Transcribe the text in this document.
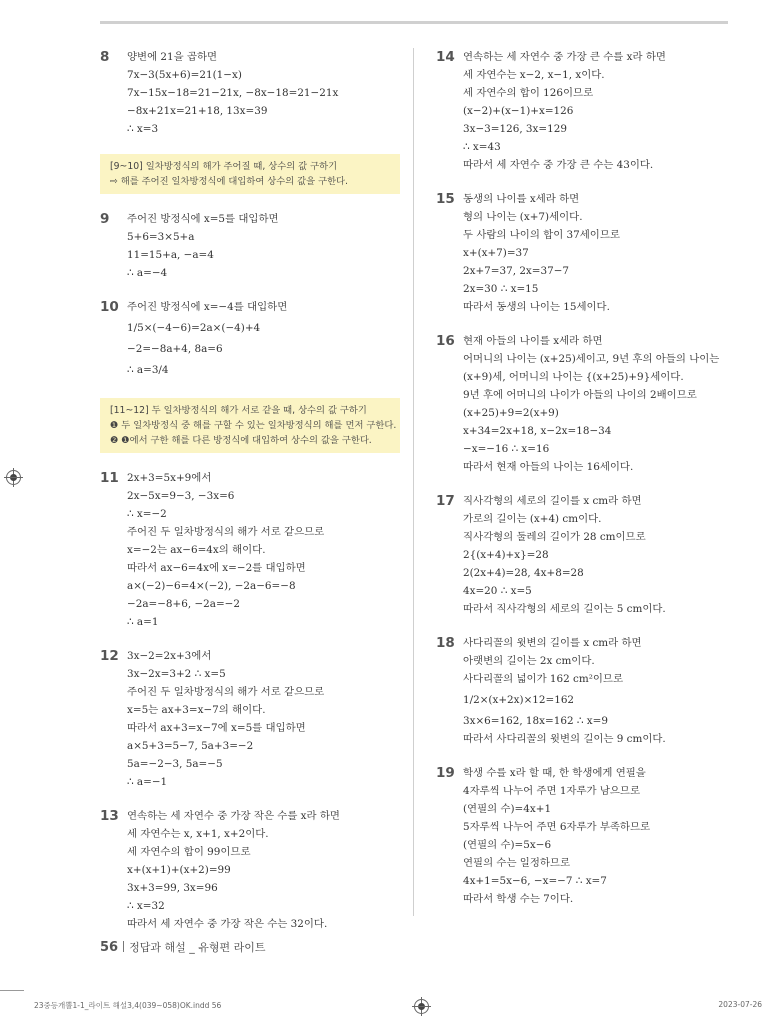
8 양변에 21을 곱하면
7x−3(5x+6)=21(1−x)
7x−15x−18=21−21x, −8x−18=21−21x
−8x+21x=21+18, 13x=39
∴ x=3
[9~10] 일차방정식의 해가 주어질 때, 상수의 값 구하기
⇨ 해를 주어진 일차방정식에 대입하여 상수의 값을 구한다.
9 주어진 방정식에 x=5를 대입하면
5+6=3×5+a
11=15+a, −a=4
∴ a=−4
10 주어진 방정식에 x=−4를 대입하면
1/5×(−4−6)=2a×(−4)+4
−2=−8a+4, 8a=6
∴ a=3/4
[11~12] 두 일차방정식의 해가 서로 같을 때, 상수의 값 구하기
❶ 두 일차방정식 중 해를 구할 수 있는 일차방정식의 해를 먼저 구한다.
❷ ❶에서 구한 해를 다른 방정식에 대입하여 상수의 값을 구한다.
11 2x+3=5x+9에서
2x−5x=9−3, −3x=6
∴ x=−2
주어진 두 일차방정식의 해가 서로 같으므로
x=−2는 ax−6=4x의 해이다.
따라서 ax−6=4x에 x=−2를 대입하면
a×(−2)−6=4×(−2), −2a−6=−8
−2a=−8+6, −2a=−2
∴ a=1
12 3x−2=2x+3에서
3x−2x=3+2 ∴ x=5
주어진 두 일차방정식의 해가 서로 같으므로
x=5는 ax+3=x−7의 해이다.
따라서 ax+3=x−7에 x=5를 대입하면
a×5+3=5−7, 5a+3=−2
5a=−2−3, 5a=−5
∴ a=−1
13 연속하는 세 자연수 중 가장 작은 수를 x라 하면
세 자연수는 x, x+1, x+2이다.
세 자연수의 합이 99이므로
x+(x+1)+(x+2)=99
3x+3=99, 3x=96
∴ x=32
따라서 세 자연수 중 가장 작은 수는 32이다.
14 연속하는 세 자연수 중 가장 큰 수를 x라 하면
세 자연수는 x−2, x−1, x이다.
세 자연수의 합이 126이므로
(x−2)+(x−1)+x=126
3x−3=126, 3x=129
∴ x=43
따라서 세 자연수 중 가장 큰 수는 43이다.
15 동생의 나이를 x세라 하면
형의 나이는 (x+7)세이다.
두 사람의 나이의 합이 37세이므로
x+(x+7)=37
2x+7=37, 2x=37−7
2x=30 ∴ x=15
따라서 동생의 나이는 15세이다.
16 현재 아들의 나이를 x세라 하면
어머니의 나이는 (x+25)세이고, 9년 후의 아들의 나이는
(x+9)세, 어머니의 나이는 {(x+25)+9}세이다.
9년 후에 어머니의 나이가 아들의 나이의 2배이므로
(x+25)+9=2(x+9)
x+34=2x+18, x−2x=18−34
−x=−16 ∴ x=16
따라서 현재 아들의 나이는 16세이다.
17 직사각형의 세로의 길이를 x cm라 하면
가로의 길이는 (x+4) cm이다.
직사각형의 둘레의 길이가 28 cm이므로
2{(x+4)+x}=28
2(2x+4)=28, 4x+8=28
4x=20 ∴ x=5
따라서 직사각형의 세로의 길이는 5 cm이다.
18 사다리꼴의 윗변의 길이를 x cm라 하면
아랫변의 길이는 2x cm이다.
사다리꼴의 넓이가 162 cm²이므로
1/2×(x+2x)×12=162
3x×6=162, 18x=162 ∴ x=9
따라서 사다리꼴의 윗변의 길이는 9 cm이다.
19 학생 수를 x라 할 때, 한 학생에게 연필을
4자루씩 나누어 주면 1자루가 남으므로
(연필의 수)=4x+1
5자루씩 나누어 주면 6자루가 부족하므로
(연필의 수)=5x−6
연필의 수는 일정하므로
4x+1=5x−6, −x=−7 ∴ x=7
따라서 학생 수는 7이다.
56 정답과 해설 _ 유형편 라이트
23중등개뿔1-1_라이트 해설3,4(039~058)OK.indd 56	2023-07-26
